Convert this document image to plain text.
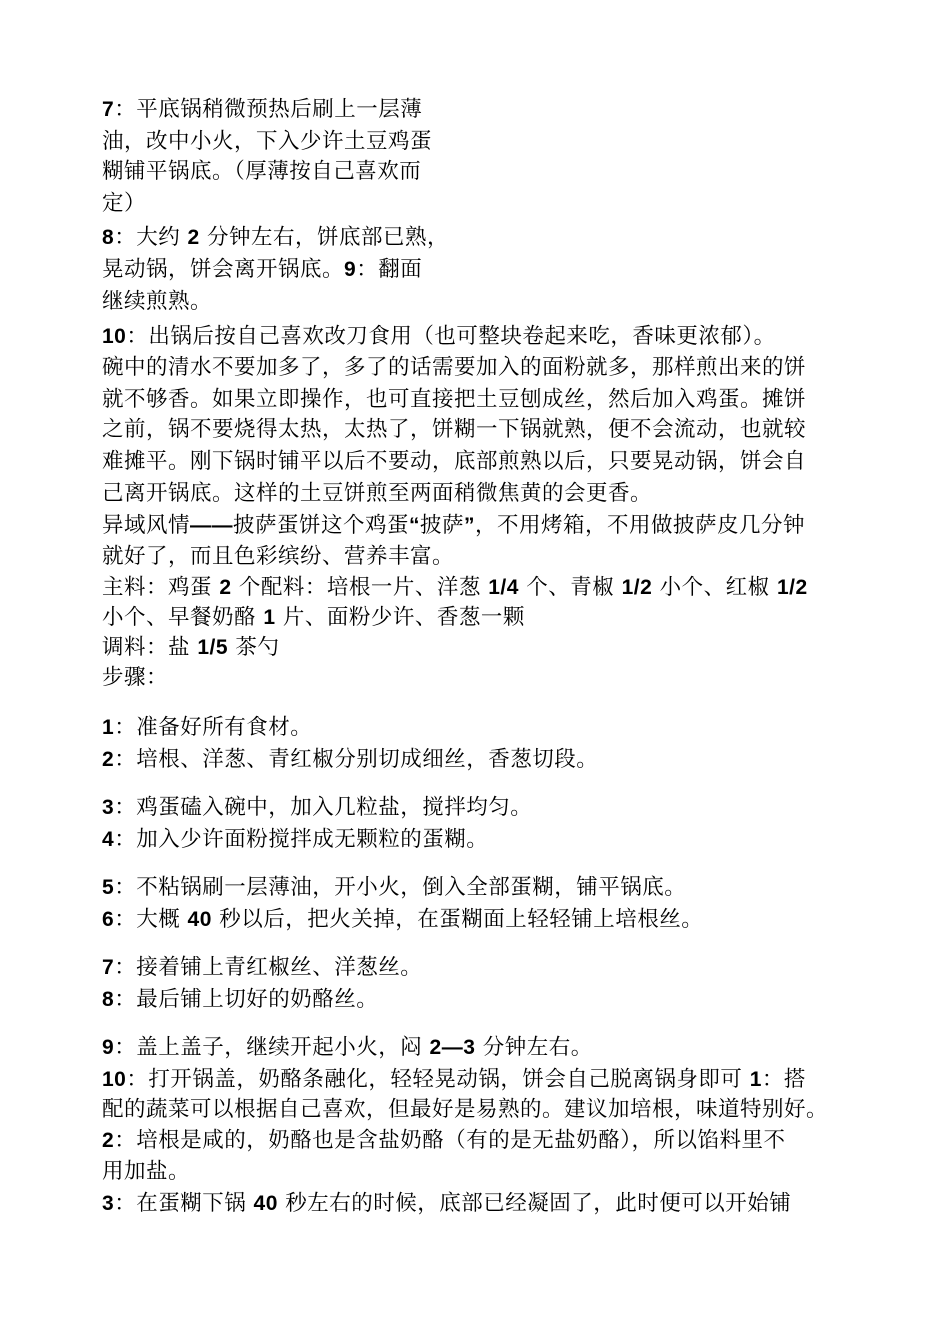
7：平底锅稍微预热后刷上一层薄
油，改中小火，下入少许土豆鸡蛋
糊铺平锅底。（厚薄按自己喜欢而
定）
8：大约 2 分钟左右，饼底部已熟，
晃动锅，饼会离开锅底。9：翻面
继续煎熟。
10：出锅后按自己喜欢改刀食用（也可整块卷起来吃，香味更浓郁）。
碗中的清水不要加多了，多了的话需要加入的面粉就多，那样煎出来的饼
就不够香。如果立即操作，也可直接把土豆刨成丝，然后加入鸡蛋。摊饼
之前，锅不要烧得太热，太热了，饼糊一下锅就熟，便不会流动，也就较
难摊平。刚下锅时铺平以后不要动，底部煎熟以后，只要晃动锅，饼会自
己离开锅底。这样的土豆饼煎至两面稍微焦黄的会更香。
异域风情——披萨蛋饼这个鸡蛋“披萨”，不用烤箱，不用做披萨皮几分钟
就好了，而且色彩缤纷、营养丰富。
主料：鸡蛋 2 个配料：培根一片、洋葱 1/4 个、青椒 1/2 小个、红椒 1/2
小个、早餐奶酪 1 片、面粉少许、香葱一颗
调料：盐 1/5 茶勺
步骤：
1：准备好所有食材。
2：培根、洋葱、青红椒分别切成细丝，香葱切段。
3：鸡蛋磕入碗中，加入几粒盐，搅拌均匀。
4：加入少许面粉搅拌成无颗粒的蛋糊。
5：不粘锅刷一层薄油，开小火，倒入全部蛋糊，铺平锅底。
6：大概 40 秒以后，把火关掉，在蛋糊面上轻轻铺上培根丝。
7：接着铺上青红椒丝、洋葱丝。
8：最后铺上切好的奶酪丝。
9：盖上盖子，继续开起小火，闷 2—3 分钟左右。
10：打开锅盖，奶酪条融化，轻轻晃动锅，饼会自己脱离锅身即可 1：搭
配的蔬菜可以根据自己喜欢，但最好是易熟的。建议加培根，味道特别好。
2：培根是咸的，奶酪也是含盐奶酪（有的是无盐奶酪），所以馅料里不
用加盐。
3：在蛋糊下锅 40 秒左右的时候，底部已经凝固了，此时便可以开始铺
